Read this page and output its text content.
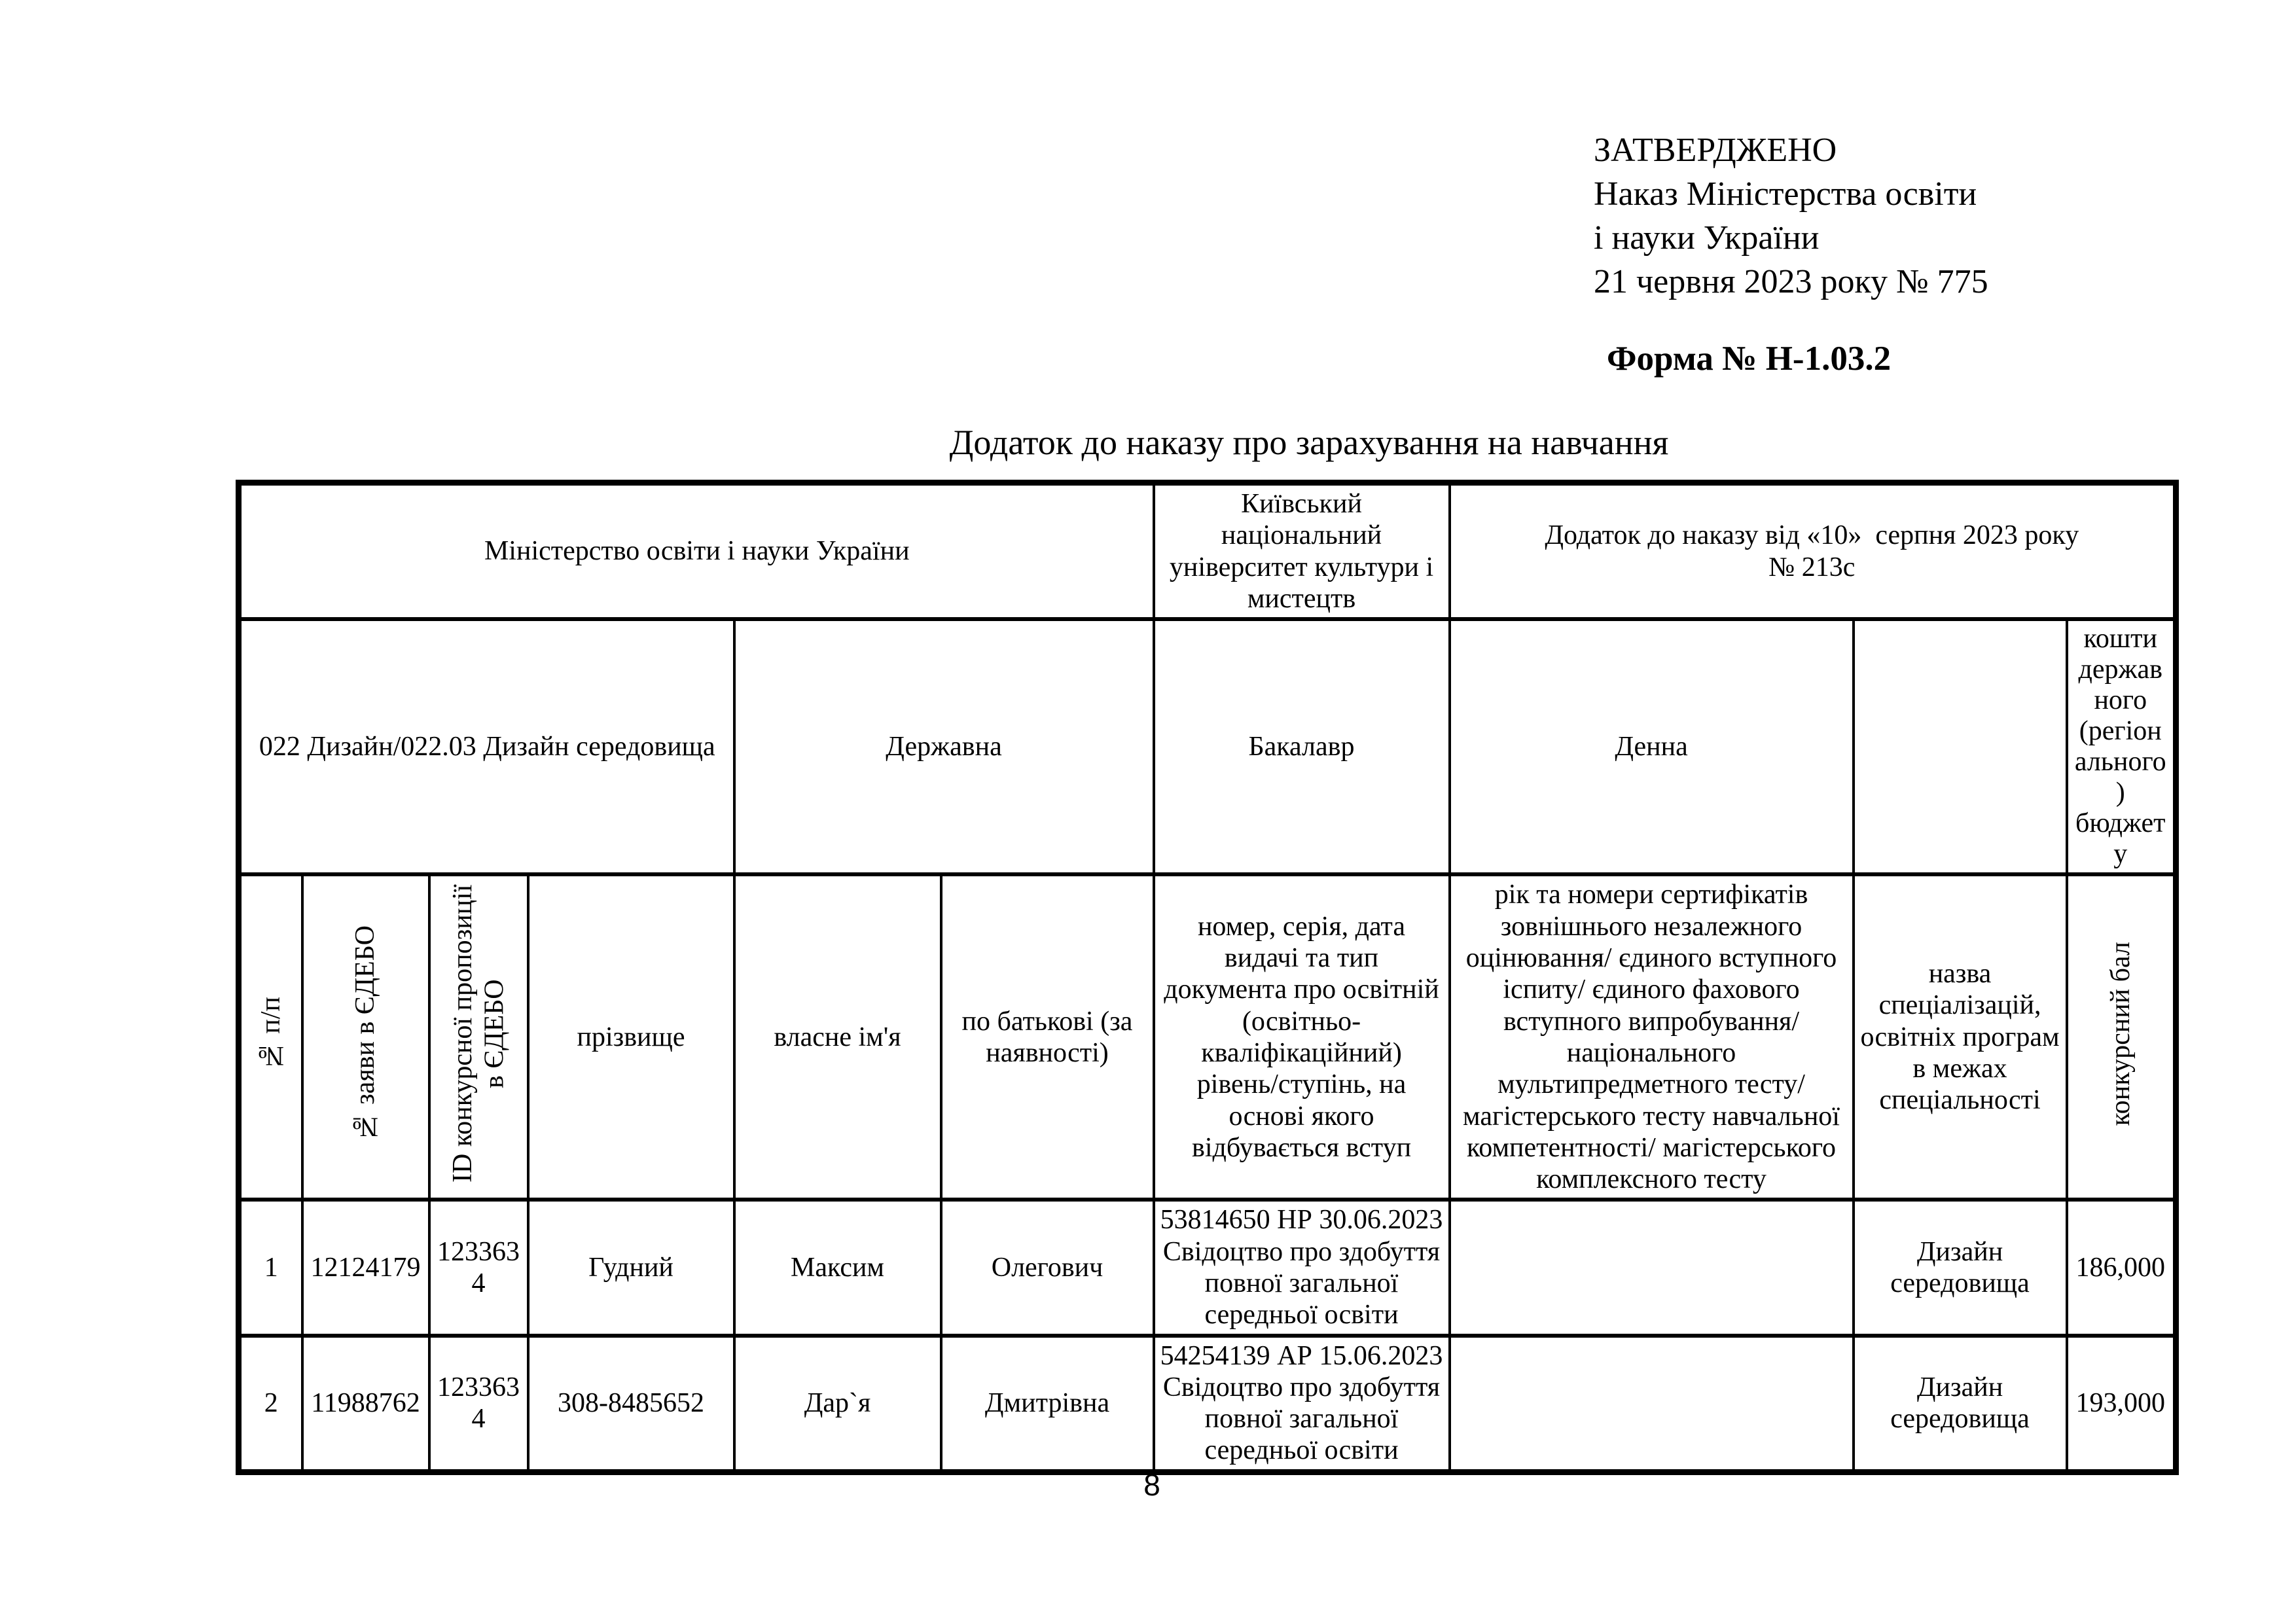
ЗАТВЕРДЖЕНО
Наказ Міністерства освіти
і науки України
21 червня 2023 року № 775
Форма № Н-1.03.2
Додаток до наказу про зарахування на навчання
Міністерство освіти і науки України						Київський національний університет культури і мистецтв	Додаток до наказу від «10»  серпня 2023 року
№ 213с		
022 Дизайн/022.03 Дизайн середовища				Державна		Бакалавр	Денна		кошти державного (регіонального) бюджету
№ п/п	№ заяви в ЄДЕБО	ID конкурсної пропозиції в ЄДЕБО	прізвище	власне ім'я	по батькові (за наявності)	номер, серія, дата видачі та тип документа про освітній (освітньо-кваліфікаційний) рівень/ступінь, на основі якого відбувається вступ	рік та номери сертифікатів зовнішнього незалежного оцінювання/ єдиного вступного іспиту/ єдиного фахового вступного випробування/ національного мультипредметного тесту/ магістерського тесту навчальної компетентності/ магістерського комплексного тесту	назва спеціалізацій, освітніх програм в межах спеціальності	конкурсний бал
1	12124179	1233634	Гудний	Максим	Олегович	53814650 НР 30.06.2023 Свідоцтво про здобуття повної загальної середньої освіти		Дизайн середовища	186,000
2	11988762	1233634	308-8485652	Дар`я	Дмитрівна	54254139 АР 15.06.2023 Свідоцтво про здобуття повної загальної середньої освіти		Дизайн середовища	193,000
8
